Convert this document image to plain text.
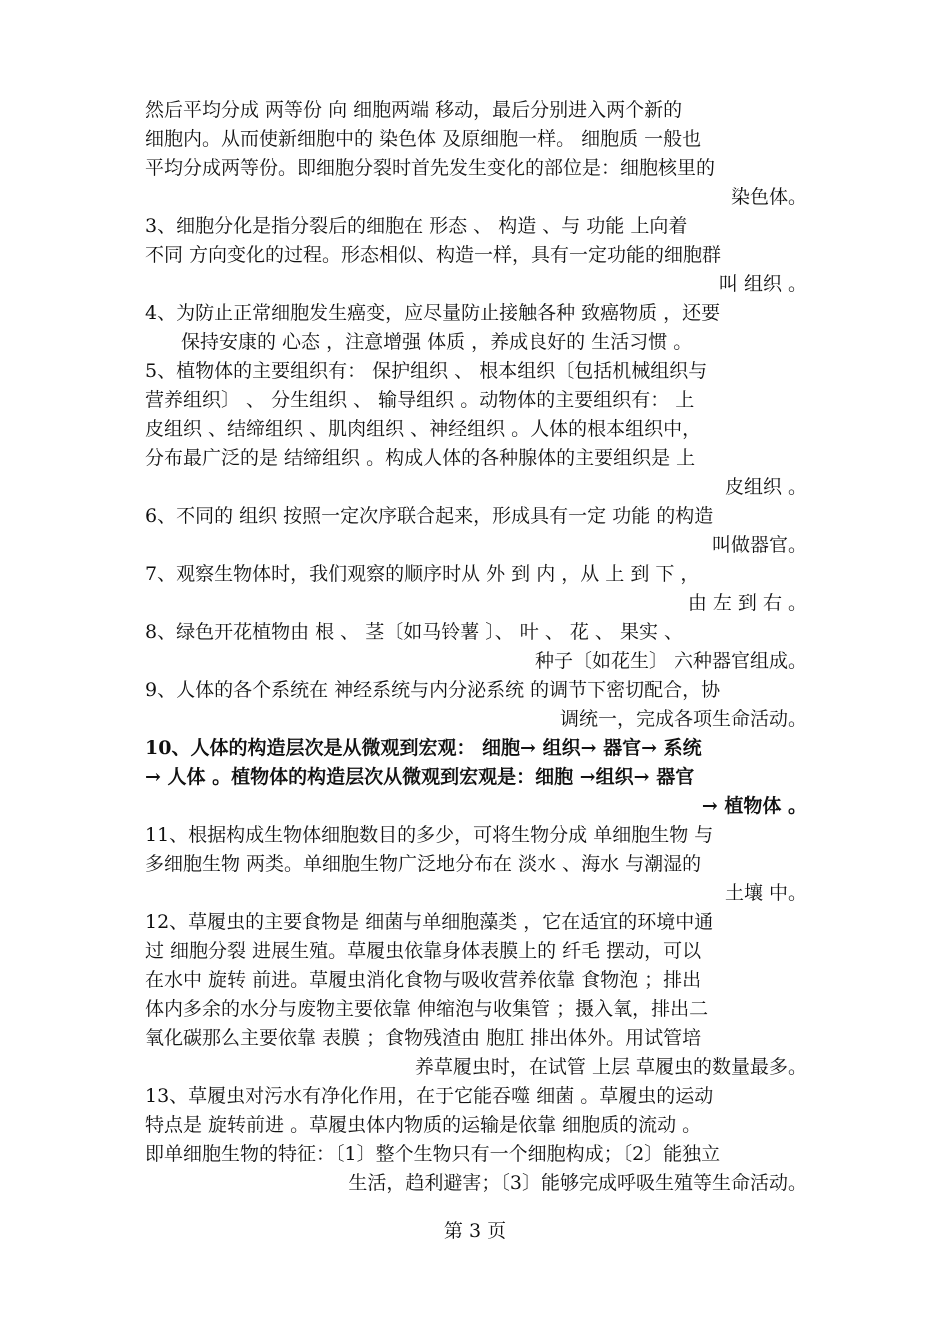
然后平均分成 两等份 向 细胞两端 移动，最后分别进入两个新的
细胞内。从而使新细胞中的 染色体 及原细胞一样。 细胞质 一般也
平均分成两等份。即细胞分裂时首先发生变化的部位是：细胞核里的
染色体。
3、细胞分化是指分裂后的细胞在 形态 、 构造 、与 功能 上向着
不同 方向变化的过程。形态相似、构造一样，具有一定功能的细胞群
叫 组织 。
4、为防止正常细胞发生癌变，应尽量防止接触各种 致癌物质 ，还要
保持安康的 心态 ，注意增强 体质 ，养成良好的 生活习惯 。
5、植物体的主要组织有： 保护组织 、 根本组织〔包括机械组织与
营养组织〕 、 分生组织 、 输导组织 。动物体的主要组织有： 上
皮组织 、结缔组织 、肌肉组织 、神经组织 。人体的根本组织中，
分布最广泛的是 结缔组织 。构成人体的各种腺体的主要组织是 上
皮组织 。
6、不同的 组织 按照一定次序联合起来，形成具有一定 功能 的构造
叫做器官。
7、观察生物体时，我们观察的顺序时从 外 到 内 ，从 上 到 下 ，
由 左 到 右 。
8、绿色开花植物由 根 、 茎〔如马铃薯 〕、 叶 、 花 、 果实 、
种子〔如花生〕 六种器官组成。
9、人体的各个系统在 神经系统与内分泌系统 的调节下密切配合，协
调统一，完成各项生命活动。
10、人体的构造层次是从微观到宏观： 细胞→ 组织→ 器官→ 系统
→ 人体 。植物体的构造层次从微观到宏观是：细胞 →组织→ 器官
→ 植物体 。
11、根据构成生物体细胞数目的多少，可将生物分成 单细胞生物 与
多细胞生物 两类。单细胞生物广泛地分布在 淡水 、海水 与潮湿的
土壤 中。
12、草履虫的主要食物是 细菌与单细胞藻类 ，它在适宜的环境中通
过 细胞分裂 进展生殖。草履虫依靠身体表膜上的 纤毛 摆动，可以
在水中 旋转 前进。草履虫消化食物与吸收营养依靠 食物泡 ；排出
体内多余的水分与废物主要依靠 伸缩泡与收集管 ；摄入氧，排出二
氧化碳那么主要依靠 表膜 ；食物残渣由 胞肛 排出体外。用试管培
养草履虫时，在试管 上层 草履虫的数量最多。
13、草履虫对污水有净化作用，在于它能吞噬 细菌 。草履虫的运动
特点是 旋转前进 。草履虫体内物质的运输是依靠 细胞质的流动 。
即单细胞生物的特征：〔1〕整个生物只有一个细胞构成；〔2〕能独立
生活，趋利避害；〔3〕能够完成呼吸生殖等生命活动。
第 3 页
